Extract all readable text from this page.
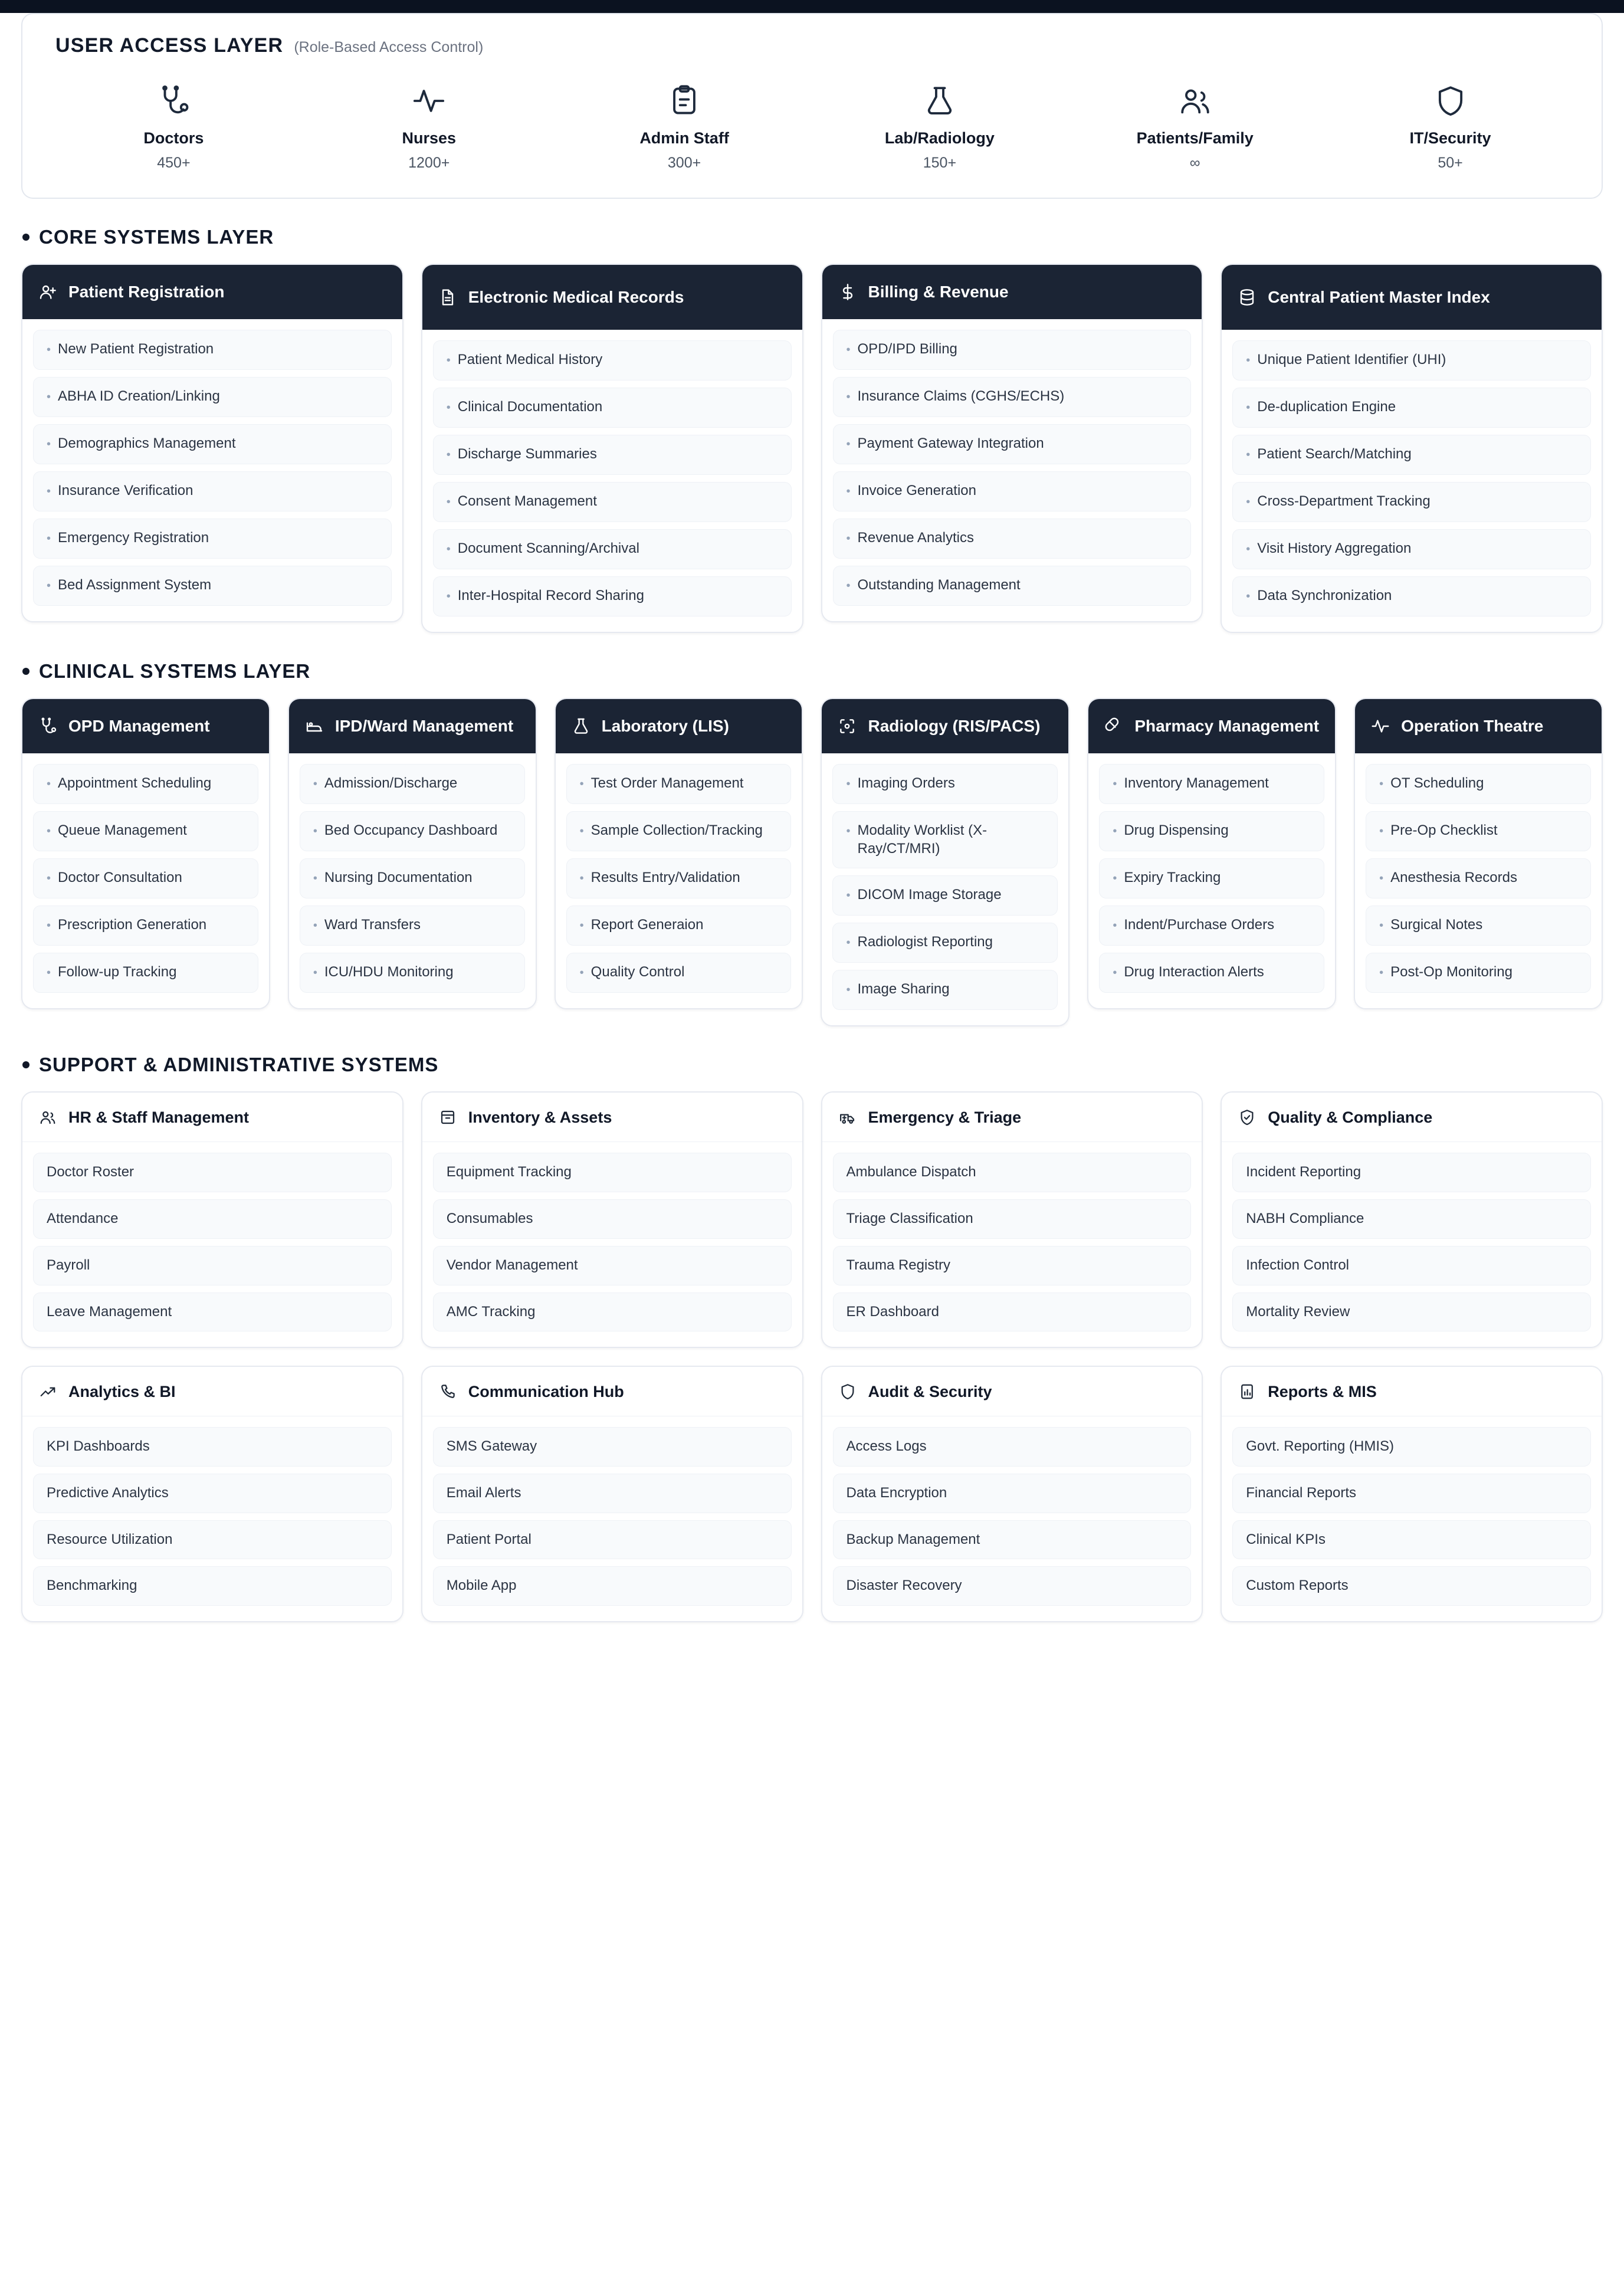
USER ACCESS LAYER (Role-Based Access Control)
Doctors
450+
Nurses
1200+
Admin Staff
300+
Lab/Radiology
150+
Patients/Family
∞
IT/Security
50+
CORE SYSTEMS LAYER
Patient Registration
• New Patient Registration
• ABHA ID Creation/Linking
• Demographics Management
• Insurance Verification
• Emergency Registration
• Bed Assignment System
Electronic Medical Records
• Patient Medical History
• Clinical Documentation
• Discharge Summaries
• Consent Management
• Document Scanning/Archival
• Inter-Hospital Record Sharing
Billing & Revenue
• OPD/IPD Billing
• Insurance Claims (CGHS/ECHS)
• Payment Gateway Integration
• Invoice Generation
• Revenue Analytics
• Outstanding Management
Central Patient Master Index
• Unique Patient Identifier (UHI)
• De-duplication Engine
• Patient Search/Matching
• Cross-Department Tracking
• Visit History Aggregation
• Data Synchronization
CLINICAL SYSTEMS LAYER
OPD Management
• Appointment Scheduling
• Queue Management
• Doctor Consultation
• Prescription Generation
• Follow-up Tracking
IPD/Ward Management
• Admission/Discharge
• Bed Occupancy Dashboard
• Nursing Documentation
• Ward Transfers
• ICU/HDU Monitoring
Laboratory (LIS)
• Test Order Management
• Sample Collection/Tracking
• Results Entry/Validation
• Report Generaion
• Quality Control
Radiology (RIS/PACS)
• Imaging Orders
• Modality Worklist (X-Ray/CT/MRI)
• DICOM Image Storage
• Radiologist Reporting
• Image Sharing
Pharmacy Management
• Inventory Management
• Drug Dispensing
• Expiry Tracking
• Indent/Purchase Orders
• Drug Interaction Alerts
Operation Theatre
• OT Scheduling
• Pre-Op Checklist
• Anesthesia Records
• Surgical Notes
• Post-Op Monitoring
SUPPORT & ADMINISTRATIVE SYSTEMS
HR & Staff Management
Doctor Roster
Attendance
Payroll
Leave Management
Inventory & Assets
Equipment Tracking
Consumables
Vendor Management
AMC Tracking
Emergency & Triage
Ambulance Dispatch
Triage Classification
Trauma Registry
ER Dashboard
Quality & Compliance
Incident Reporting
NABH Compliance
Infection Control
Mortality Review
Analytics & BI
KPI Dashboards
Predictive Analytics
Resource Utilization
Benchmarking
Communication Hub
SMS Gateway
Email Alerts
Patient Portal
Mobile App
Audit & Security
Access Logs
Data Encryption
Backup Management
Disaster Recovery
Reports & MIS
Govt. Reporting (HMIS)
Financial Reports
Clinical KPIs
Custom Reports
